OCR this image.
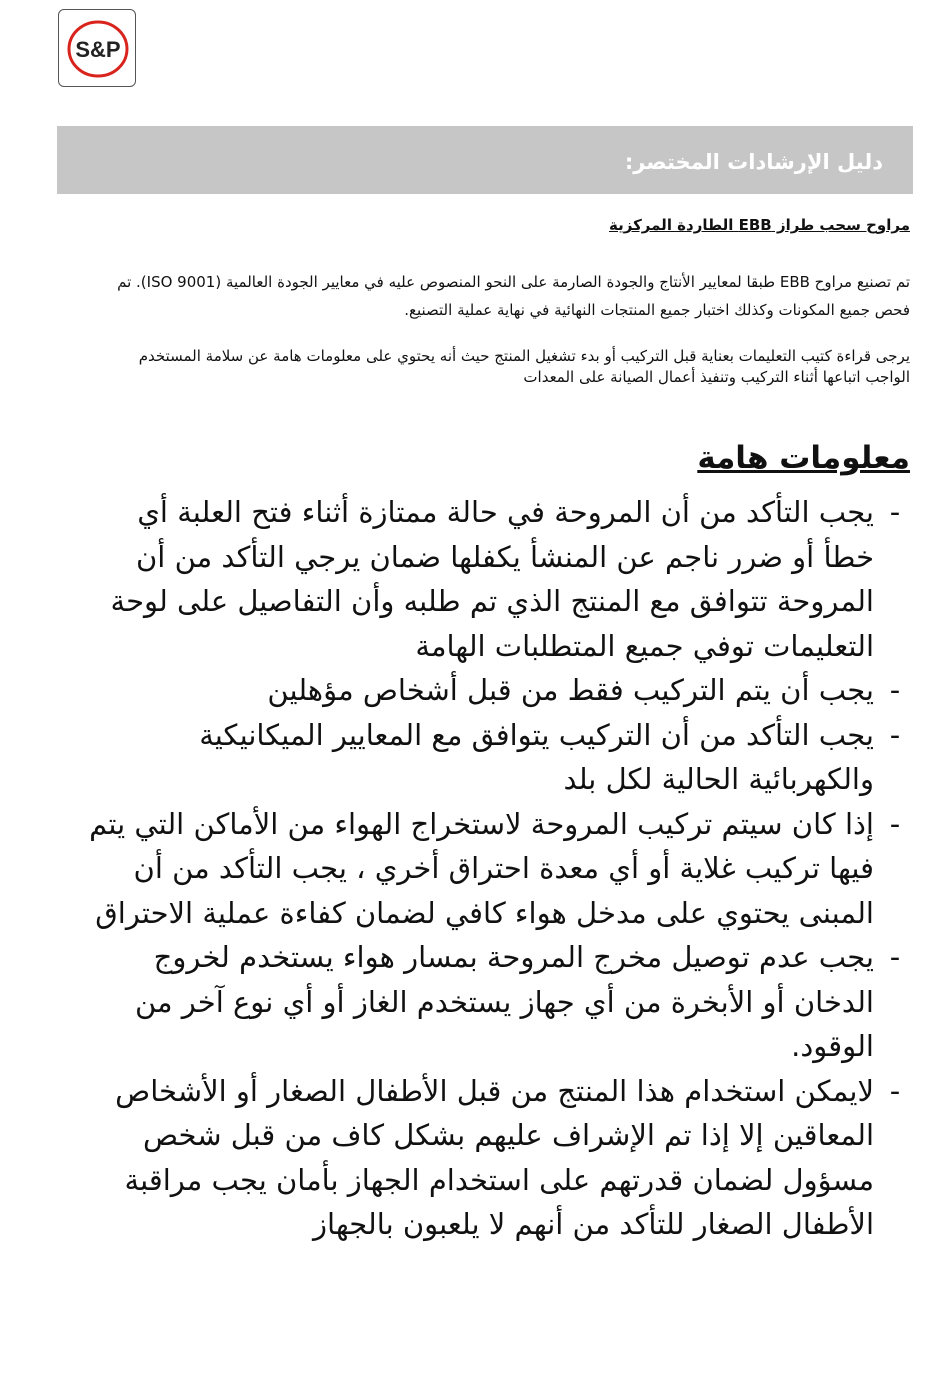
S&P
دليل الإرشادات المختصر:
مراوح سحب طراز EBB الطاردة المركزية
تم تصنيع مراوح EBB طبقا لمعايير الأنتاج والجودة الصارمة على النحو المنصوص عليه في معايير الجودة العالمية (ISO 9001). تم فحص جميع المكونات وكذلك اختبار جميع المنتجات النهائية في نهاية عملية التصنيع.
يرجى قراءة كتيب التعليمات بعناية قبل التركيب أو بدء تشغيل المنتج حيث أنه يحتوي على معلومات هامة عن سلامة المستخدم الواجب اتباعها أثناء التركيب وتنفيذ أعمال الصيانة على المعدات
معلومات هامة
-
يجب التأكد من أن المروحة في حالة ممتازة أثناء فتح العلبة أي خطأ أو ضرر ناجم عن المنشأ يكفلها ضمان يرجي التأكد من أن المروحة تتوافق مع المنتج الذي تم طلبه وأن التفاصيل على لوحة التعليمات توفي جميع المتطلبات الهامة
-
يجب أن يتم التركيب فقط من قبل أشخاص مؤهلين
-
يجب التأكد من أن التركيب يتوافق مع المعايير الميكانيكية والكهربائية الحالية لكل بلد
-
إذا كان سيتم تركيب المروحة لاستخراج الهواء من الأماكن التي يتم فيها تركيب غلاية أو أي معدة احتراق أخري ، يجب التأكد من أن المبنى يحتوي على مدخل هواء كافي لضمان كفاءة عملية الاحتراق
-
يجب عدم توصيل مخرج المروحة بمسار هواء يستخدم لخروج الدخان أو الأبخرة من أي جهاز يستخدم الغاز أو أي نوع آخر من الوقود.
-
لايمكن استخدام هذا المنتج من قبل الأطفال الصغار أو الأشخاص المعاقين إلا إذا تم الإشراف عليهم بشكل كاف من قبل شخص مسؤول لضمان قدرتهم على استخدام الجهاز بأمان يجب مراقبة الأطفال الصغار للتأكد من أنهم لا يلعبون بالجهاز
